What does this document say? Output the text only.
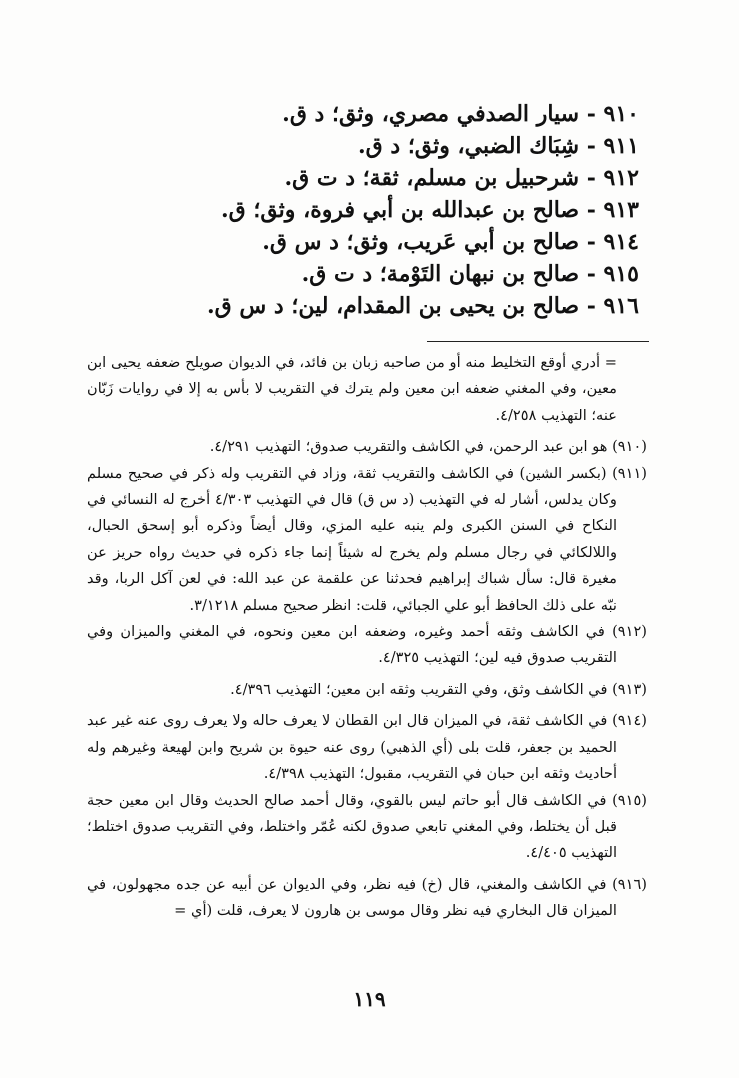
٩١٠ - سيار الصدفي مصري، وثق؛ د ق.
٩١١ - شِبَاك الضبي، وثق؛ د ق.
٩١٢ - شرحبيل بن مسلم، ثقة؛ د ت ق.
٩١٣ - صالح بن عبدالله بن أبي فروة، وثق؛ ق.
٩١٤ - صالح بن أبي عَريب، وثق؛ د س ق.
٩١٥ - صالح بن نبهان التَوْمة؛ د ت ق.
٩١٦ - صالح بن يحيى بن المقدام، لين؛ د س ق.

= أدري أوقع التخليط منه أو من صاحبه زبان بن فائد، في الديوان صويلح ضعفه يحيى ابن معين، وفي المغني ضعفه ابن معين ولم يترك في التقريب لا بأس به إلا في روايات زَبّان عنه؛ التهذيب ٤/٢٥٨.

(٩١٠) هو ابن عبد الرحمن، في الكاشف والتقريب صدوق؛ التهذيب ٤/٢٩١.

(٩١١) (بكسر الشين) في الكاشف والتقريب ثقة، وزاد في التقريب وله ذكر في صحيح مسلم وكان يدلس، أشار له في التهذيب (د س ق) قال في التهذيب ٤/٣٠٣ أخرج له النسائي في النكاح في السنن الكبرى ولم ينبه عليه المزي، وقال أيضاً وذكره أبو إسحق الحبال، واللالكائي في رجال مسلم ولم يخرج له شيئاً إنما جاء ذكره في حديث رواه حريز عن مغيرة قال: سأل شباك إبراهيم فحدثنا عن علقمة عن عبد الله: في لعن آكل الربا، وقد نبّه على ذلك الحافظ أبو علي الجبائي، قلت: انظر صحيح مسلم ٣/١٢١٨.

(٩١٢) في الكاشف وثقه أحمد وغيره، وضعفه ابن معين ونحوه، في المغني والميزان وفي التقريب صدوق فيه لين؛ التهذيب ٤/٣٢٥.

(٩١٣) في الكاشف وثق، وفي التقريب وثقه ابن معين؛ التهذيب ٤/٣٩٦.

(٩١٤) في الكاشف ثقة، في الميزان قال ابن القطان لا يعرف حاله ولا يعرف روى عنه غير عبد الحميد بن جعفر، قلت بلى (أي الذهبي) روى عنه حيوة بن شريح وابن لهيعة وغيرهم وله أحاديث وثقه ابن حبان في التقريب، مقبول؛ التهذيب ٤/٣٩٨.

(٩١٥) في الكاشف قال أبو حاتم ليس بالقوي، وقال أحمد صالح الحديث وقال ابن معين حجة قبل أن يختلط، وفي المغني تابعي صدوق لكنه عُمّر واختلط، وفي التقريب صدوق اختلط؛ التهذيب ٤/٤٠٥.

(٩١٦) في الكاشف والمغني، قال (خ) فيه نظر، وفي الديوان عن أبيه عن جده مجهولون، في الميزان قال البخاري فيه نظر وقال موسى بن هارون لا يعرف، قلت (أي =

١١٩
